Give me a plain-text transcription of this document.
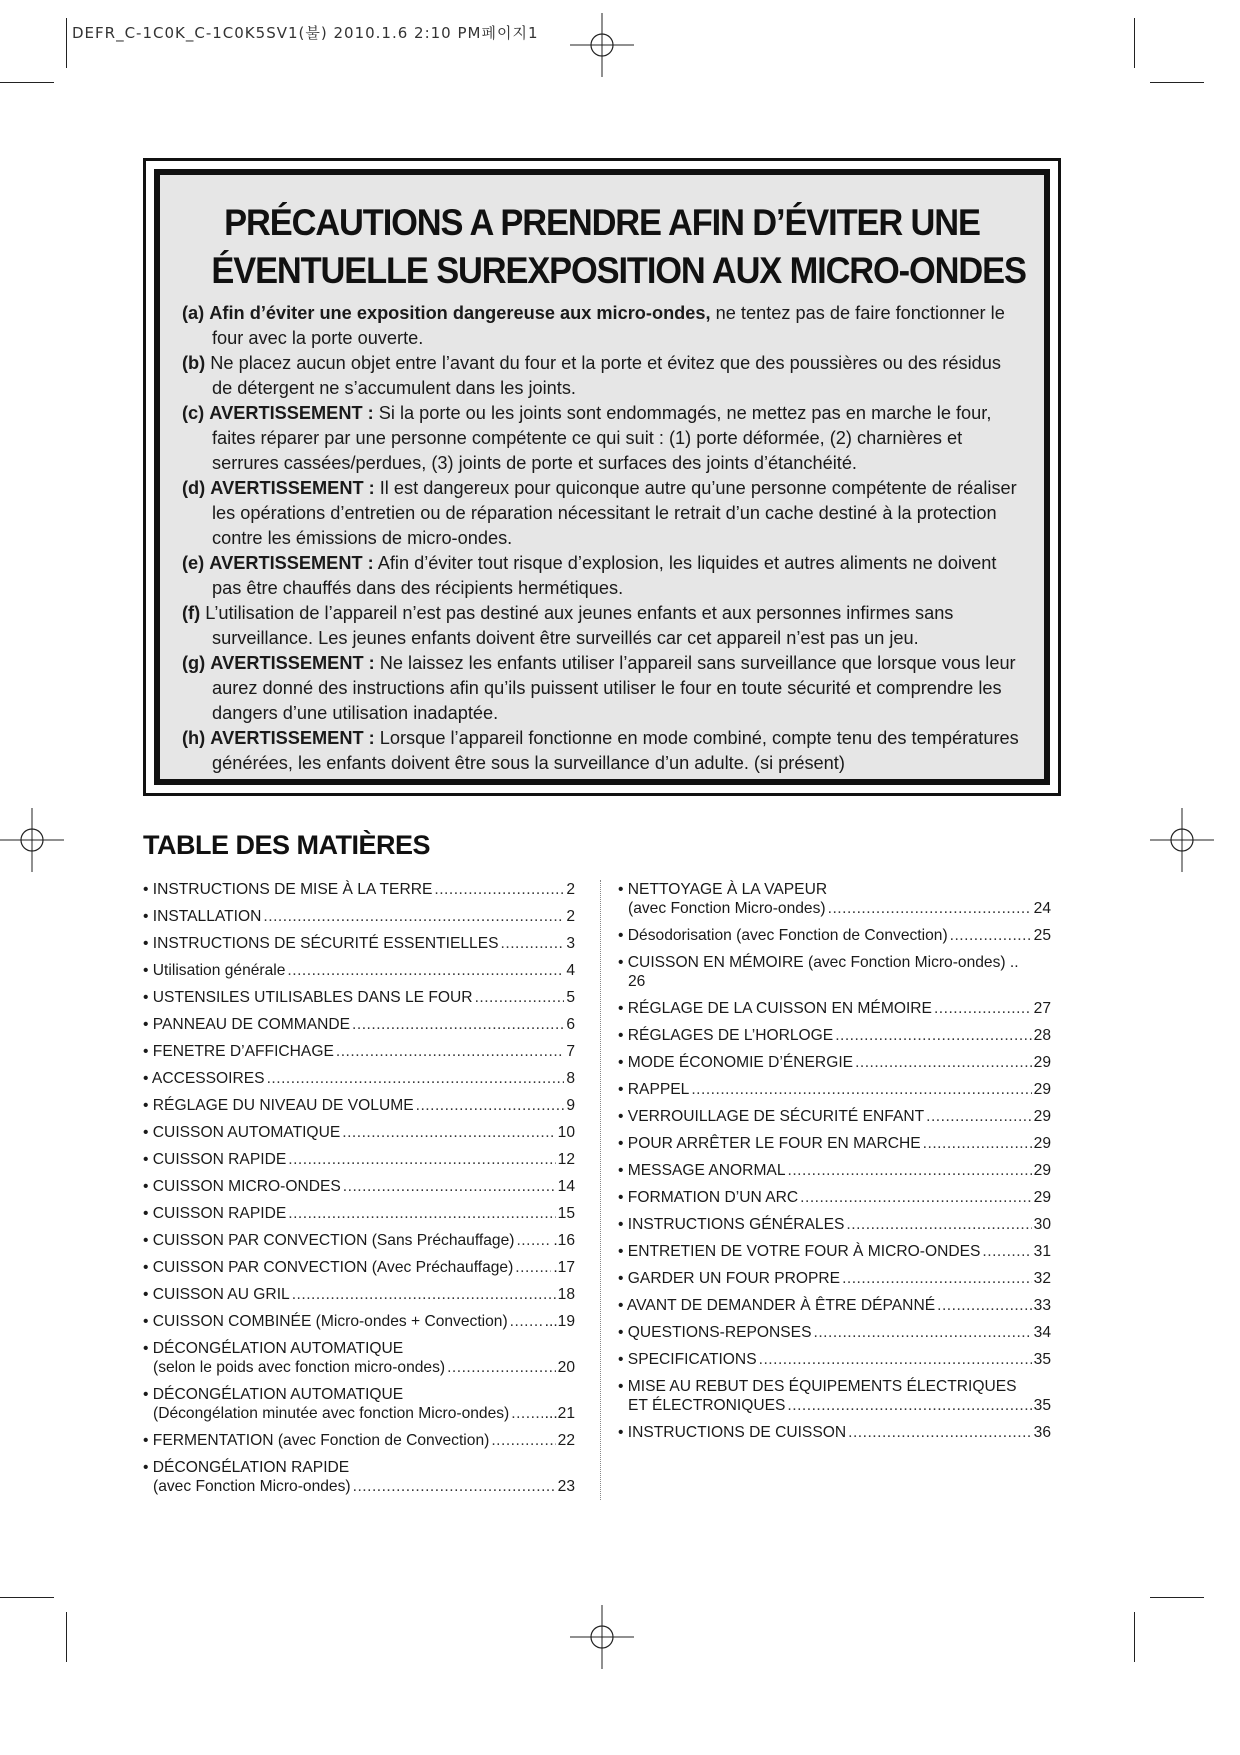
DEFR_C-1C0K_C-1C0K5SV1(불) 2010.1.6 2:10 PM페이지1
PRÉCAUTIONS A PRENDRE AFIN D’ÉVITER UNE
ÉVENTUELLE SUREXPOSITION AUX MICRO-ONDES
(a) Afin d’éviter une exposition dangereuse aux micro-ondes, ne tentez pas de faire fonctionner le four avec la porte ouverte.
(b) Ne placez aucun objet entre l’avant du four et la porte et évitez que des poussières ou des résidus de détergent ne s’accumulent dans les joints.
(c) AVERTISSEMENT : Si la porte ou les joints sont endommagés, ne mettez pas en marche le four, faites réparer par une personne compétente ce qui suit : (1) porte déformée, (2) charnières et serrures cassées/perdues, (3) joints de porte et surfaces des joints d’étanchéité.
(d) AVERTISSEMENT : Il est dangereux pour quiconque autre qu’une personne compétente de réaliser les opérations d’entretien ou de réparation nécessitant le retrait d’un cache destiné à la protection contre les émissions de micro-ondes.
(e) AVERTISSEMENT : Afin d’éviter tout risque d’explosion, les liquides et autres aliments ne doivent pas être chauffés dans des récipients hermétiques.
(f) L’utilisation de l’appareil n’est pas destiné aux jeunes enfants et aux personnes infirmes sans surveillance. Les jeunes enfants doivent être surveillés car cet appareil n’est pas un jeu.
(g) AVERTISSEMENT : Ne laissez les enfants utiliser l’appareil sans surveillance que lorsque vous leur aurez donné des instructions afin qu’ils puissent utiliser le four en toute sécurité et comprendre les dangers d’une utilisation inadaptée.
(h) AVERTISSEMENT : Lorsque l’appareil fonctionne en mode combiné, compte tenu des températures générées, les enfants doivent être sous la surveillance d’un adulte. (si présent)
TABLE DES MATIÈRES
• INSTRUCTIONS DE MISE À LA TERRE .....	2
• INSTALLATION .....	2
• INSTRUCTIONS DE SÉCURITÉ ESSENTIELLES .....	3
• Utilisation générale .....	4
• USTENSILES UTILISABLES DANS LE FOUR .....	5
• PANNEAU DE COMMANDE .....	6
• FENETRE D’AFFICHAGE .....	7
• ACCESSOIRES .....	8
• RÉGLAGE DU NIVEAU DE VOLUME .....	9
• CUISSON AUTOMATIQUE .....	10
• CUISSON RAPIDE .....	12
• CUISSON MICRO-ONDES .....	14
• CUISSON RAPIDE .....	15
• CUISSON PAR CONVECTION (Sans Préchauffage) ..... .16
• CUISSON PAR CONVECTION (Avec Préchauffage) .....	.17
• CUISSON AU GRIL .....	18
• CUISSON COMBINÉE (Micro-ondes + Convection) ..... ...19
• DÉCONGÉLATION AUTOMATIQUE
(selon le poids avec fonction micro-ondes) .....	20
• DÉCONGÉLATION AUTOMATIQUE
(Décongélation minutée avec fonction Micro-ondes) ..... ...21
• FERMENTATION (avec Fonction de Convection) .....	22
• DÉCONGÉLATION RAPIDE
(avec Fonction Micro-ondes) .....	23
• NETTOYAGE À LA VAPEUR
(avec Fonction Micro-ondes) .....	24
• Désodorisation (avec Fonction de Convection) .....	25
• CUISSON EN MÉMOIRE (avec Fonction Micro-ondes) ..
26
• RÉGLAGE DE LA CUISSON EN MÉMOIRE .....	27
• RÉGLAGES DE L’HORLOGE .....	28
• MODE ÉCONOMIE D’ÉNERGIE .....	29
• RAPPEL .....	29
• VERROUILLAGE DE SÉCURITÉ ENFANT .....	29
• POUR ARRÊTER LE FOUR EN MARCHE .....	29
• MESSAGE ANORMAL .....	29
• FORMATION D’UN ARC .....	29
• INSTRUCTIONS GÉNÉRALES .....	30
• ENTRETIEN DE VOTRE FOUR À MICRO-ONDES .....	31
• GARDER UN FOUR PROPRE .....	32
• AVANT DE DEMANDER À ÊTRE DÉPANNÉ .....	33
• QUESTIONS-REPONSES .....	34
• SPECIFICATIONS .....	35
• MISE AU REBUT DES ÉQUIPEMENTS ÉLECTRIQUES
ET ÉLECTRONIQUES .....	35
• INSTRUCTIONS DE CUISSON .....	36
